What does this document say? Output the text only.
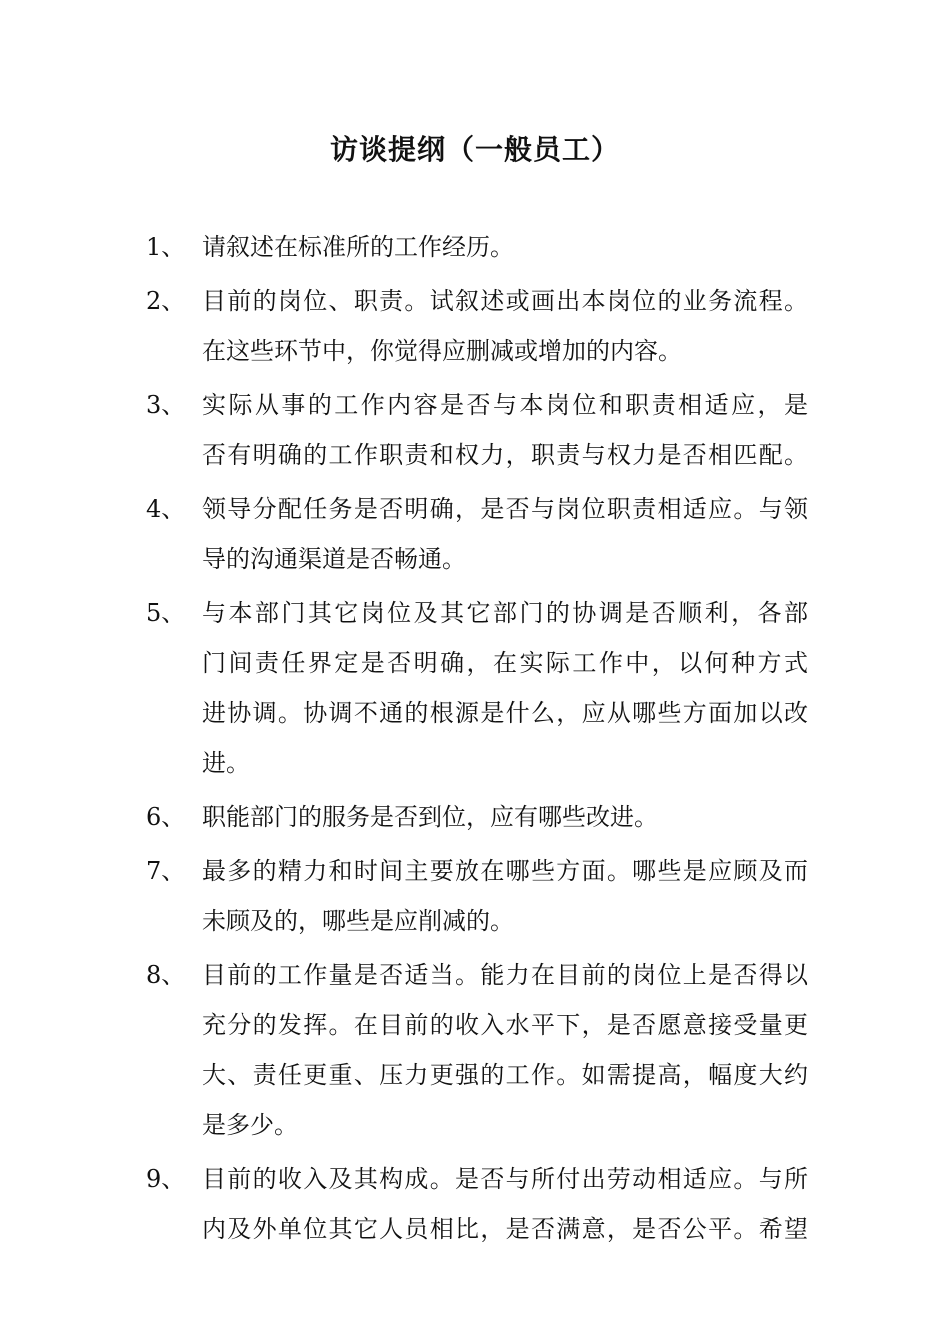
访谈提纲（一般员工）
1、 请叙述在标准所的工作经历。
2、 目前的岗位、职责。试叙述或画出本岗位的业务流程。
在这些环节中，你觉得应删减或增加的内容。
3、 实际从事的工作内容是否与本岗位和职责相适应，是
否有明确的工作职责和权力，职责与权力是否相匹配。
4、 领导分配任务是否明确，是否与岗位职责相适应。与领
导的沟通渠道是否畅通。
5、 与本部门其它岗位及其它部门的协调是否顺利，各部
门间责任界定是否明确，在实际工作中，以何种方式
进协调。协调不通的根源是什么，应从哪些方面加以改
进。
6、 职能部门的服务是否到位，应有哪些改进。
7、 最多的精力和时间主要放在哪些方面。哪些是应顾及而
未顾及的，哪些是应削减的。
8、 目前的工作量是否适当。能力在目前的岗位上是否得以
充分的发挥。在目前的收入水平下，是否愿意接受量更
大、责任更重、压力更强的工作。如需提高，幅度大约
是多少。
9、 目前的收入及其构成。是否与所付出劳动相适应。与所
内及外单位其它人员相比，是否满意，是否公平。希望
